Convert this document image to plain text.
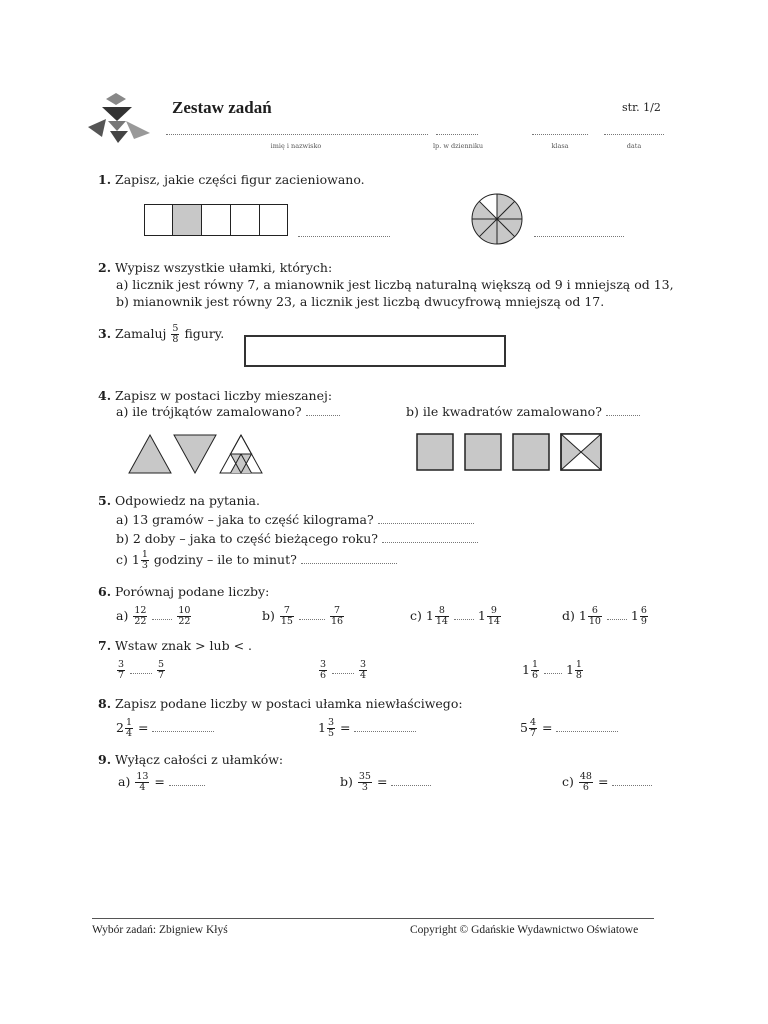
Zestaw zadań	str. 1/2
imię i nazwisko	lp. w dzienniku	klasa	data
1. Zapisz, jakie części figur zacieniowano.
2. Wypisz wszystkie ułamki, których:
a) licznik jest równy 7, a mianownik jest liczbą naturalną większą od 9 i mniejszą od 13,
b) mianownik jest równy 23, a licznik jest liczbą dwucyfrową mniejszą od 17.
3. Zamaluj $\frac{5}{8}$ figury.
4. Zapisz w postaci liczby mieszanej:
a) ile trójkątów zamalowano?	b) ile kwadratów zamalowano?
5. Odpowiedz na pytania.
a) 13 gramów – jaka to część kilograma?
b) 2 doby – jaka to część bieżącego roku?
c) $1 \frac{1}{3}$ godziny – ile to minut?
6. Porównaj podane liczby:
$a) \frac{12}{22}$
	$\frac{10}{22}$	$b) \frac{7}{15}$
	$\frac{7}{16}$	c) $1 \frac{8}{14} 1 \frac{9}{14}$	d) $1 \frac{6}{10} 1 \frac{6}{9}$
7. Wstaw znak > lub < .
$\frac{3}{7}$
	$\frac{5}{7}$	$\frac{3}{6}$
	$\frac{3}{4}$	$1 \frac{1}{6} 1 \frac{1}{8}$
8. Zapisz podane liczby w postaci ułamka niewłaściwego:
$2 \frac{1}{4}$ =	$1 \frac{3}{5}$ =	$5 \frac{4}{7}$ =
9. Wyłącz całości z ułamków:
$a) \frac{13}{4}$ =	$b) \frac{35}{3}$ =	$c) \frac{48}{6}$ =
Wybór zadań: Zbigniew Kłyś	Copyright © Gdańskie Wydawnictwo Oświatowe
